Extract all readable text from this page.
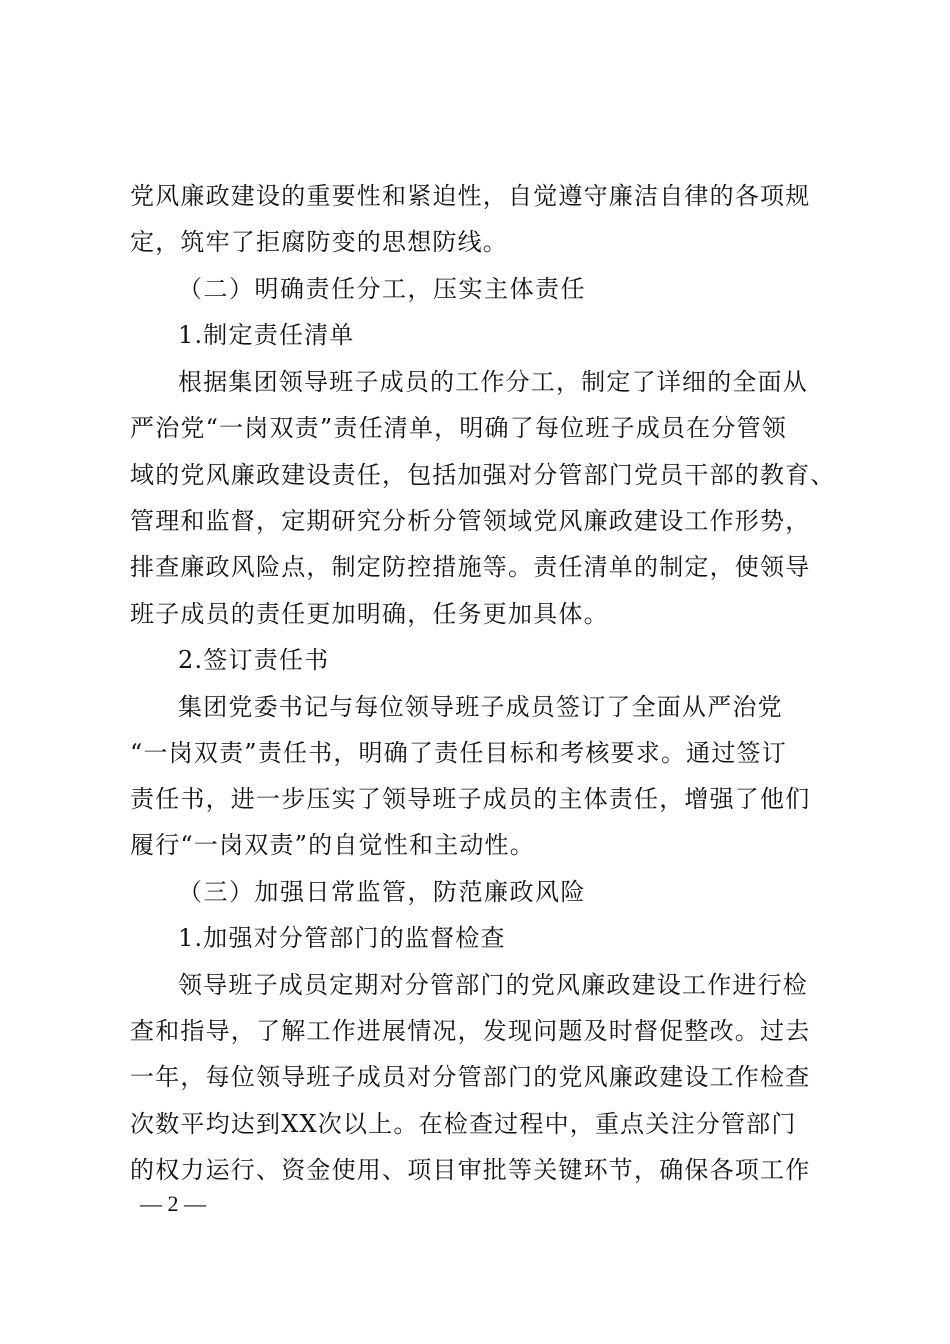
党风廉政建设的重要性和紧迫性，自觉遵守廉洁自律的各项规
定，筑牢了拒腐防变的思想防线。
（二）明确责任分工，压实主体责任
1.制定责任清单
根据集团领导班子成员的工作分工，制定了详细的全面从
严治党“一岗双责”责任清单，明确了每位班子成员在分管领
域的党风廉政建设责任，包括加强对分管部门党员干部的教育、
管理和监督，定期研究分析分管领域党风廉政建设工作形势，
排查廉政风险点，制定防控措施等。责任清单的制定，使领导
班子成员的责任更加明确，任务更加具体。
2.签订责任书
集团党委书记与每位领导班子成员签订了全面从严治党
“一岗双责”责任书，明确了责任目标和考核要求。通过签订
责任书，进一步压实了领导班子成员的主体责任，增强了他们
履行“一岗双责”的自觉性和主动性。
（三）加强日常监管，防范廉政风险
1.加强对分管部门的监督检查
领导班子成员定期对分管部门的党风廉政建设工作进行检
查和指导，了解工作进展情况，发现问题及时督促整改。过去
一年，每位领导班子成员对分管部门的党风廉政建设工作检查
次数平均达到XX次以上。在检查过程中，重点关注分管部门
的权力运行、资金使用、项目审批等关键环节，确保各项工作
— 2 —
